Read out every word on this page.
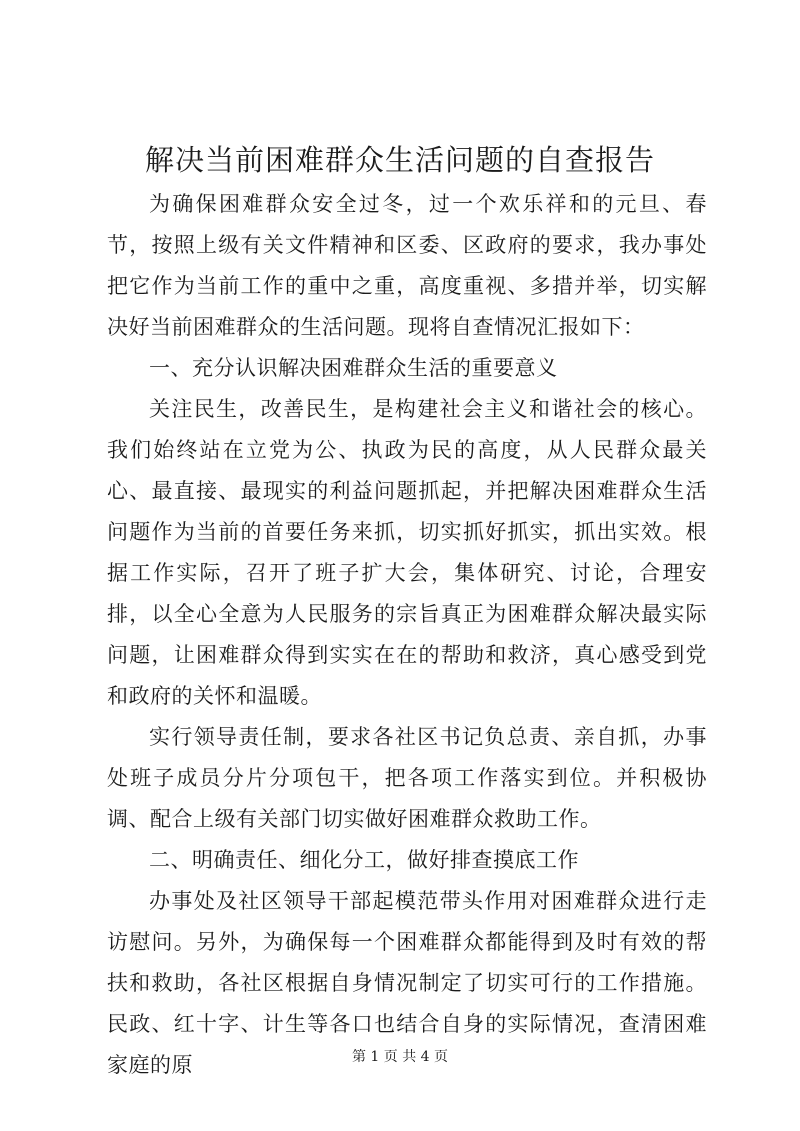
解决当前困难群众生活问题的自查报告

为确保困难群众安全过冬，过一个欢乐祥和的元旦、春节，按照上级有关文件精神和区委、区政府的要求，我办事处把它作为当前工作的重中之重，高度重视、多措并举，切实解决好当前困难群众的生活问题。现将自查情况汇报如下：

一、充分认识解决困难群众生活的重要意义

关注民生，改善民生，是构建社会主义和谐社会的核心。我们始终站在立党为公、执政为民的高度，从人民群众最关心、最直接、最现实的利益问题抓起，并把解决困难群众生活问题作为当前的首要任务来抓，切实抓好抓实，抓出实效。根据工作实际，召开了班子扩大会，集体研究、讨论，合理安排，以全心全意为人民服务的宗旨真正为困难群众解决最实际问题，让困难群众得到实实在在的帮助和救济，真心感受到党和政府的关怀和温暖。

实行领导责任制，要求各社区书记负总责、亲自抓，办事处班子成员分片分项包干，把各项工作落实到位。并积极协调、配合上级有关部门切实做好困难群众救助工作。

二、明确责任、细化分工，做好排查摸底工作

办事处及社区领导干部起模范带头作用对困难群众进行走访慰问。另外，为确保每一个困难群众都能得到及时有效的帮扶和救助，各社区根据自身情况制定了切实可行的工作措施。民政、红十字、计生等各口也结合自身的实际情况，查清困难家庭的原	第 1 页 共 4 页
